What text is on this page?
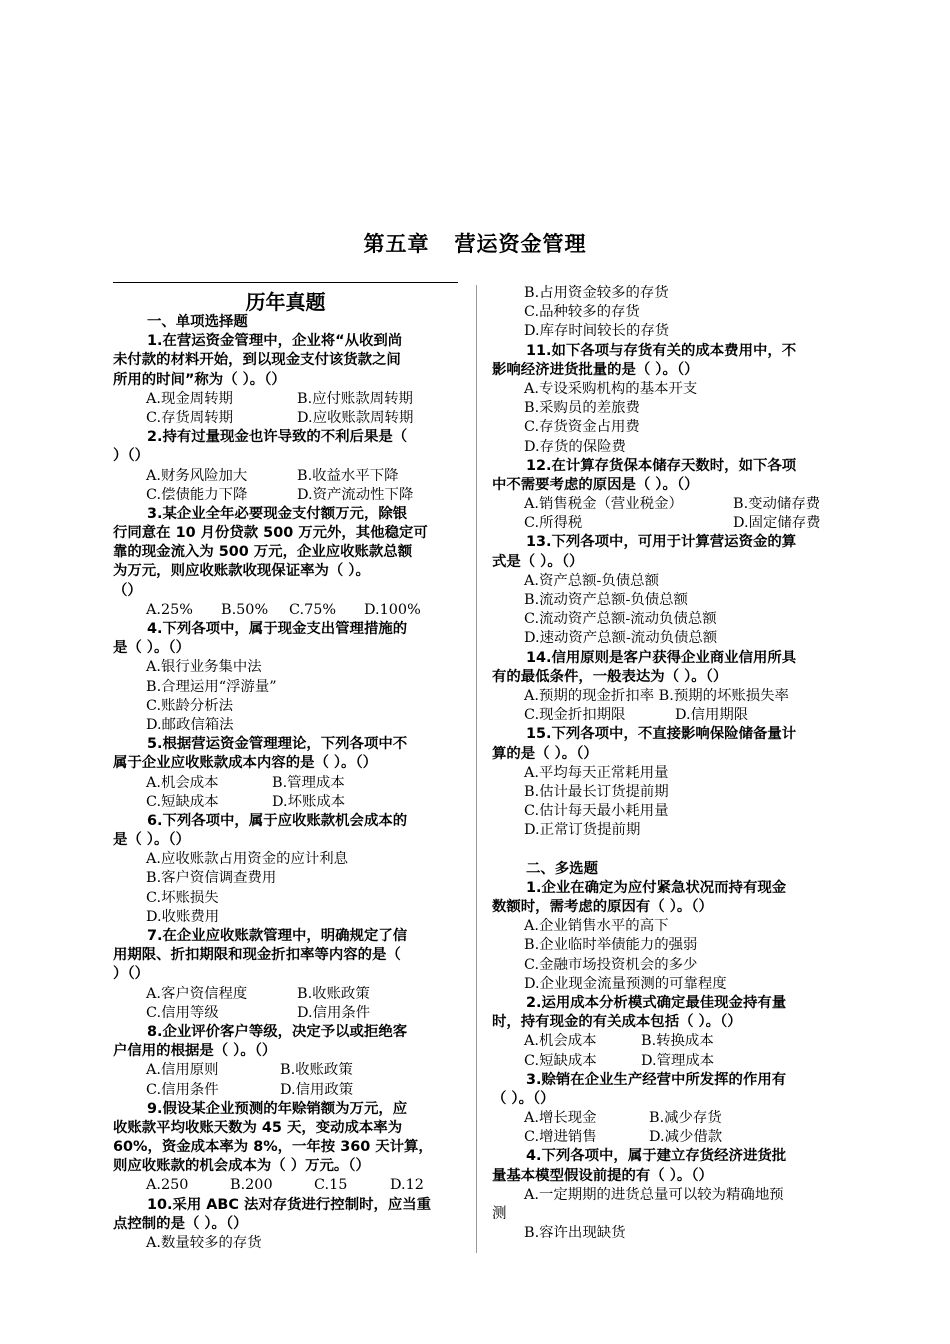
第五章   营运资金管理
历年真题
一、单项选择题
1.在营运资金管理中，企业将“从收到尚
未付款的材料开始，到以现金支付该货款之间
所用的时间”称为（ ）。（）
A.现金周转期	B.应付账款周转期
C.存货周转期	D.应收账款周转期
2.持有过量现金也许导致的不利后果是（
）（）
A.财务风险加大	B.收益水平下降
C.偿债能力下降	D.资产流动性下降
3.某企业全年必要现金支付额万元，除银
行同意在 10 月份贷款 500 万元外，其他稳定可
靠的现金流入为 500 万元，企业应收账款总额
为万元，则应收账款收现保证率为（ ）。
（）
A.25% B.50% C.75% D.100%
4.下列各项中，属于现金支出管理措施的
是（ ）。（）
A.银行业务集中法
B.合理运用“浮游量”
C.账龄分析法
D.邮政信箱法
5.根据营运资金管理理论，下列各项中不
属于企业应收账款成本内容的是（ ）。（）
A.机会成本	B.管理成本
C.短缺成本	D.坏账成本
6.下列各项中，属于应收账款机会成本的
是（ ）。（）
A.应收账款占用资金的应计利息
B.客户资信调查费用
C.坏账损失
D.收账费用
7.在企业应收账款管理中，明确规定了信
用期限、折扣期限和现金折扣率等内容的是（
）（）
A.客户资信程度	B.收账政策
C.信用等级	D.信用条件
8.企业评价客户等级，决定予以或拒绝客
户信用的根据是（ ）。（）
A.信用原则	B.收账政策
C.信用条件	D.信用政策
9.假设某企业预测的年赊销额为万元，应
收账款平均收账天数为 45 天，变动成本率为
60%，资金成本率为 8%，一年按 360 天计算，
则应收账款的机会成本为（ ）万元。（）
A.250	B.200	C.15	D.12
10.采用 ABC 法对存货进行控制时，应当重
点控制的是（ ）。（）
A.数量较多的存货
B.占用资金较多的存货
C.品种较多的存货
D.库存时间较长的存货
11.如下各项与存货有关的成本费用中，不
影响经济进货批量的是（ ）。（）
A.专设采购机构的基本开支
B.采购员的差旅费
C.存货资金占用费
D.存货的保险费
12.在计算存货保本储存天数时，如下各项
中不需要考虑的原因是（ ）。（）
A.销售税金（营业税金）	B.变动储存费
C.所得税	D.固定储存费
13.下列各项中，可用于计算营运资金的算
式是（ ）。（）
A.资产总额-负债总额
B.流动资产总额-负债总额
C.流动资产总额-流动负债总额
D.速动资产总额-流动负债总额
14.信用原则是客户获得企业商业信用所具
有的最低条件，一般表达为（ ）。（）
A.预期的现金折扣率 B.预期的坏账损失率
C.现金折扣期限	D.信用期限
15.下列各项中，不直接影响保险储备量计
算的是（ ）。（）
A.平均每天正常耗用量
B.估计最长订货提前期
C.估计每天最小耗用量
D.正常订货提前期
二、多选题
1.企业在确定为应付紧急状况而持有现金
数额时，需考虑的原因有（ ）。（）
A.企业销售水平的高下
B.企业临时举债能力的强弱
C.金融市场投资机会的多少
D.企业现金流量预测的可靠程度
2.运用成本分析模式确定最佳现金持有量
时，持有现金的有关成本包括（ ）。（）
A.机会成本	B.转换成本
C.短缺成本	D.管理成本
3.赊销在企业生产经营中所发挥的作用有
（ ）。（）
A.增长现金	B.减少存货
C.增进销售	D.减少借款
4.下列各项中，属于建立存货经济进货批
量基本模型假设前提的有（ ）。（）
A.一定期期的进货总量可以较为精确地预
测
B.容许出现缺货
